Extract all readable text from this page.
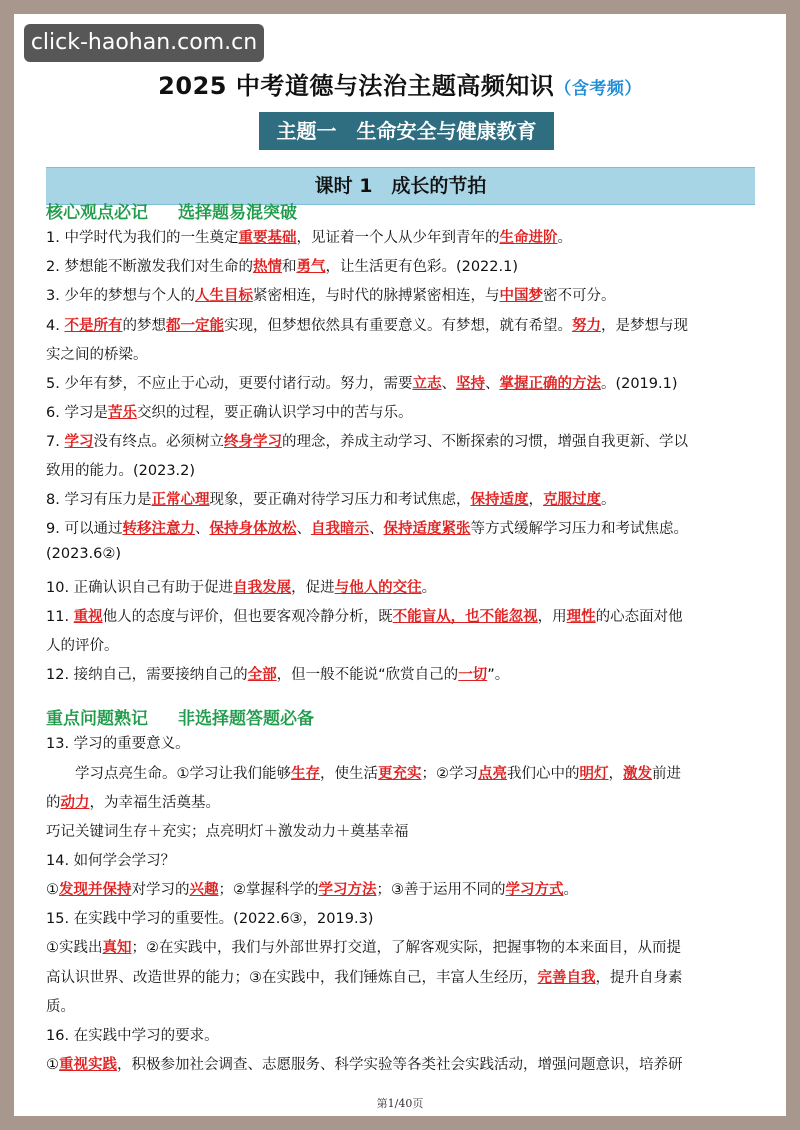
click-haohan.com.cn
2025 中考道德与法治主题高频知识（含考频）
主题一　生命安全与健康教育
课时 1　成长的节拍
核心观点必记 选择题易混突破
1. 中学时代为我们的一生奠定重要基础，见证着一个人从少年到青年的生命进阶。
2. 梦想能不断激发我们对生命的热情和勇气，让生活更有色彩。(2022.1)
3. 少年的梦想与个人的人生目标紧密相连，与时代的脉搏紧密相连，与中国梦密不可分。
4. 不是所有的梦想都一定能实现，但梦想依然具有重要意义。有梦想，就有希望。努力，是梦想与现
实之间的桥梁。
5. 少年有梦，不应止于心动，更要付诸行动。努力，需要立志、坚持、掌握正确的方法。(2019.1)
6. 学习是苦乐交织的过程，要正确认识学习中的苦与乐。
7. 学习没有终点。必须树立终身学习的理念，养成主动学习、不断探索的习惯，增强自我更新、学以
致用的能力。(2023.2)
8. 学习有压力是正常心理现象，要正确对待学习压力和考试焦虑，保持适度，克服过度。
9. 可以通过转移注意力、保持身体放松、自我暗示、保持适度紧张等方式缓解学习压力和考试焦虑。
(2023.6②)
10. 正确认识自己有助于促进自我发展，促进与他人的交往。
11. 重视他人的态度与评价，但也要客观冷静分析，既不能盲从，也不能忽视，用理性的心态面对他
人的评价。
12. 接纳自己，需要接纳自己的全部，但一般不能说“欣赏自己的一切”。
重点问题熟记 非选择题答题必备
13. 学习的重要意义。
　　学习点亮生命。①学习让我们能够生存，使生活更充实；②学习点亮我们心中的明灯，激发前进
的动力，为幸福生活奠基。
巧记关键词生存＋充实；点亮明灯＋激发动力＋奠基幸福
14. 如何学会学习？
①发现并保持对学习的兴趣；②掌握科学的学习方法；③善于运用不同的学习方式。
15. 在实践中学习的重要性。(2022.6③，2019.3)
①实践出真知；②在实践中，我们与外部世界打交道，了解客观实际，把握事物的本来面目，从而提
高认识世界、改造世界的能力；③在实践中，我们锤炼自己，丰富人生经历，完善自我，提升自身素
质。
16. 在实践中学习的要求。
①重视实践，积极参加社会调查、志愿服务、科学实验等各类社会实践活动，增强问题意识，培养研
第1/40页
